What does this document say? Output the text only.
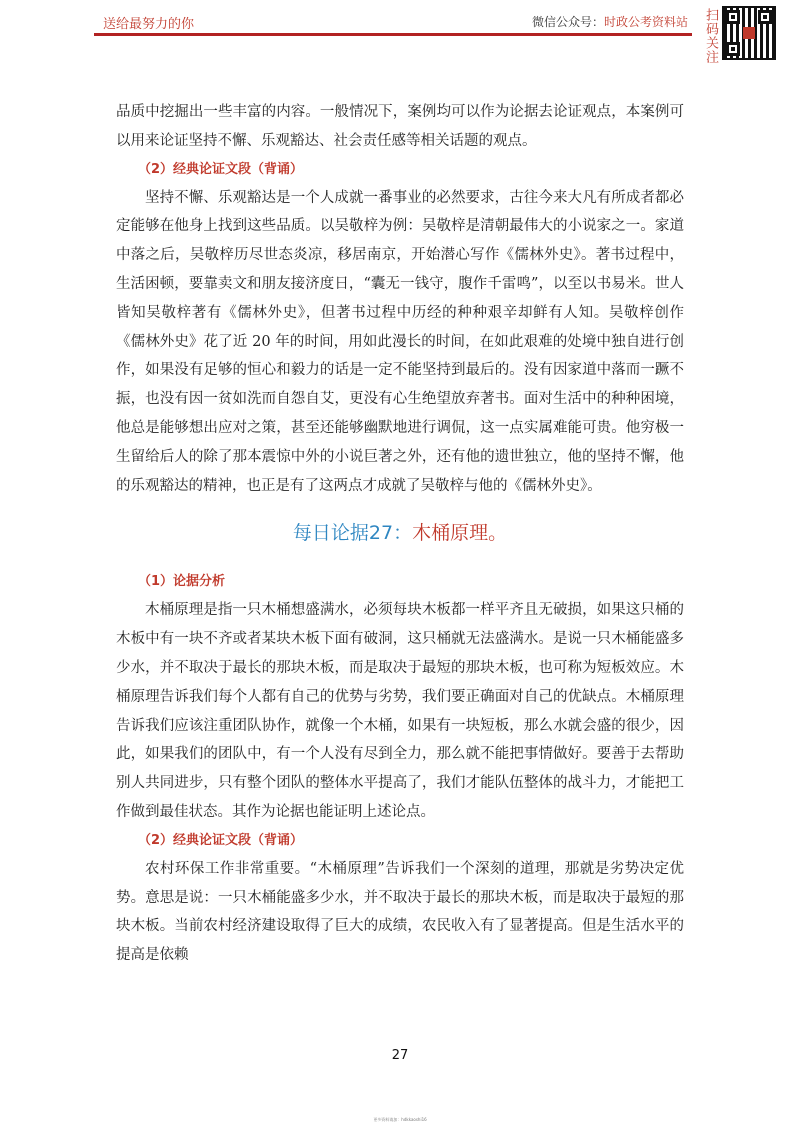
送给最努力的你	微信公众号：时政公考资料站 扫码关注

品质中挖掘出一些丰富的内容。一般情况下，案例均可以作为论据去论证观点，本案例可以用来论证坚持不懈、乐观豁达、社会责任感等相关话题的观点。

（2）经典论证文段（背诵）

坚持不懈、乐观豁达是一个人成就一番事业的必然要求，古往今来大凡有所成者都必定能够在他身上找到这些品质。以吴敬梓为例：吴敬梓是清朝最伟大的小说家之一。家道中落之后，吴敬梓历尽世态炎凉，移居南京，开始潜心写作《儒林外史》。著书过程中，生活困顿，要靠卖文和朋友接济度日，“囊无一钱守，腹作千雷鸣”，以至以书易米。世人皆知吴敬梓著有《儒林外史》，但著书过程中历经的种种艰辛却鲜有人知。吴敬梓创作《儒林外史》花了近 20 年的时间，用如此漫长的时间，在如此艰难的处境中独自进行创作，如果没有足够的恒心和毅力的话是一定不能坚持到最后的。没有因家道中落而一蹶不振，也没有因一贫如洗而自怨自艾，更没有心生绝望放弃著书。面对生活中的种种困境，他总是能够想出应对之策，甚至还能够幽默地进行调侃，这一点实属难能可贵。他穷极一生留给后人的除了那本震惊中外的小说巨著之外，还有他的遗世独立，他的坚持不懈，他的乐观豁达的精神，也正是有了这两点才成就了吴敬梓与他的《儒林外史》。

每日论据27：木桶原理。
（1）论据分析

木桶原理是指一只木桶想盛满水，必须每块木板都一样平齐且无破损，如果这只桶的木板中有一块不齐或者某块木板下面有破洞，这只桶就无法盛满水。是说一只木桶能盛多少水，并不取决于最长的那块木板，而是取决于最短的那块木板，也可称为短板效应。木桶原理告诉我们每个人都有自己的优势与劣势，我们要正确面对自己的优缺点。木桶原理告诉我们应该注重团队协作，就像一个木桶，如果有一块短板，那么水就会盛的很少，因此，如果我们的团队中，有一个人没有尽到全力，那么就不能把事情做好。要善于去帮助别人共同进步，只有整个团队的整体水平提高了，我们才能队伍整体的战斗力，才能把工作做到最佳状态。其作为论据也能证明上述论点。

（2）经典论证文段（背诵）

农村环保工作非常重要。“木桶原理”告诉我们一个深刻的道理，那就是劣势决定优势。意思是说：一只木桶能盛多少水，并不取决于最长的那块木板，而是取决于最短的那块木板。当前农村经济建设取得了巨大的成绩，农民收入有了显著提高。但是生活水平的提高是依赖

27
更多资料请加：hdkkaoshi16
